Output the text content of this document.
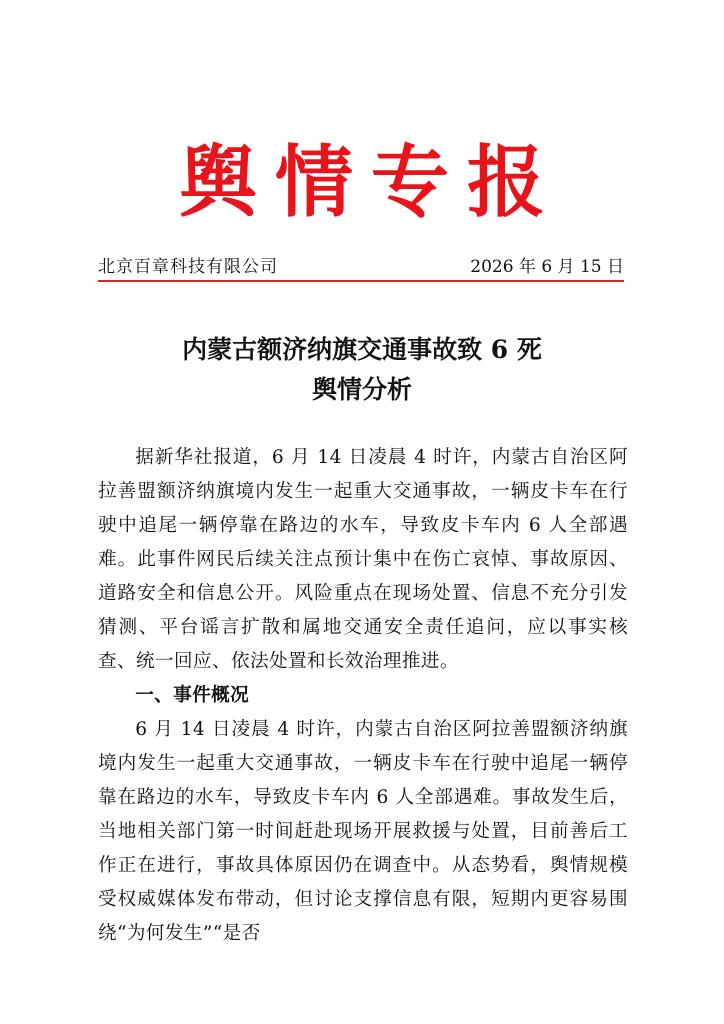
舆情专报
北京百章科技有限公司	2026 年 6 月 15 日
内蒙古额济纳旗交通事故致 6 死
舆情分析

据新华社报道，6 月 14 日凌晨 4 时许，内蒙古自治区阿拉善盟额济纳旗境内发生一起重大交通事故，一辆皮卡车在行驶中追尾一辆停靠在路边的水车，导致皮卡车内 6 人全部遇难。此事件网民后续关注点预计集中在伤亡哀悼、事故原因、道路安全和信息公开。风险重点在现场处置、信息不充分引发猜测、平台谣言扩散和属地交通安全责任追问，应以事实核查、统一回应、依法处置和长效治理推进。

一、事件概况

6 月 14 日凌晨 4 时许，内蒙古自治区阿拉善盟额济纳旗境内发生一起重大交通事故，一辆皮卡车在行驶中追尾一辆停靠在路边的水车，导致皮卡车内 6 人全部遇难。事故发生后，当地相关部门第一时间赶赴现场开展救援与处置，目前善后工作正在进行，事故具体原因仍在调查中。从态势看，舆情规模受权威媒体发布带动，但讨论支撑信息有限，短期内更容易围绕“为何发生”“是否
